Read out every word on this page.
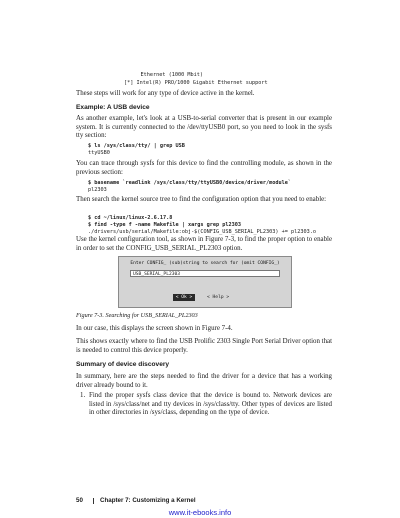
Ethernet (1000 Mbit)
[*] Intel(R) PRO/1000 Gigabit Ethernet support
These steps will work for any type of device active in the kernel.
Example: A USB device
As another example, let's look at a USB-to-serial converter that is present in our example system. It is currently connected to the /dev/ttyUSB0 port, so you need to look in the sysfs tty section:
$ ls /sys/class/tty/ | grep USB
ttyUSB0
You can trace through sysfs for this device to find the controlling module, as shown in the previous section:
$ basename `readlink /sys/class/tty/ttyUSB0/device/driver/module`
pl2303
Then search the kernel source tree to find the configuration option that you need to enable:
$ cd ~/linux/linux-2.6.17.8
$ find -type f -name Makefile | xargs grep pl2303
./drivers/usb/serial/Makefile:obj-$(CONFIG_USB_SERIAL_PL2303) += pl2303.o
Use the kernel configuration tool, as shown in Figure 7-3, to find the proper option to enable in order to set the CONFIG_USB_SERIAL_PL2303 option.
Enter CONFIG_ (sub)string to search for (omit CONFIG_)
USB_SERIAL_PL2303
< Ok >	< Help >
Figure 7-3. Searching for USB_SERIAL_PL2303
In our case, this displays the screen shown in Figure 7-4.
This shows exactly where to find the USB Prolific 2303 Single Port Serial Driver option that is needed to control this device properly.
Summary of device discovery
In summary, here are the steps needed to find the driver for a device that has a working driver already bound to it.
1. Find the proper sysfs class device that the device is bound to. Network devices are listed in /sys/class/net and tty devices in /sys/class/tty. Other types of devices are listed in other directories in /sys/class, depending on the type of device.
50	Chapter 7: Customizing a Kernel
www.it-ebooks.info
